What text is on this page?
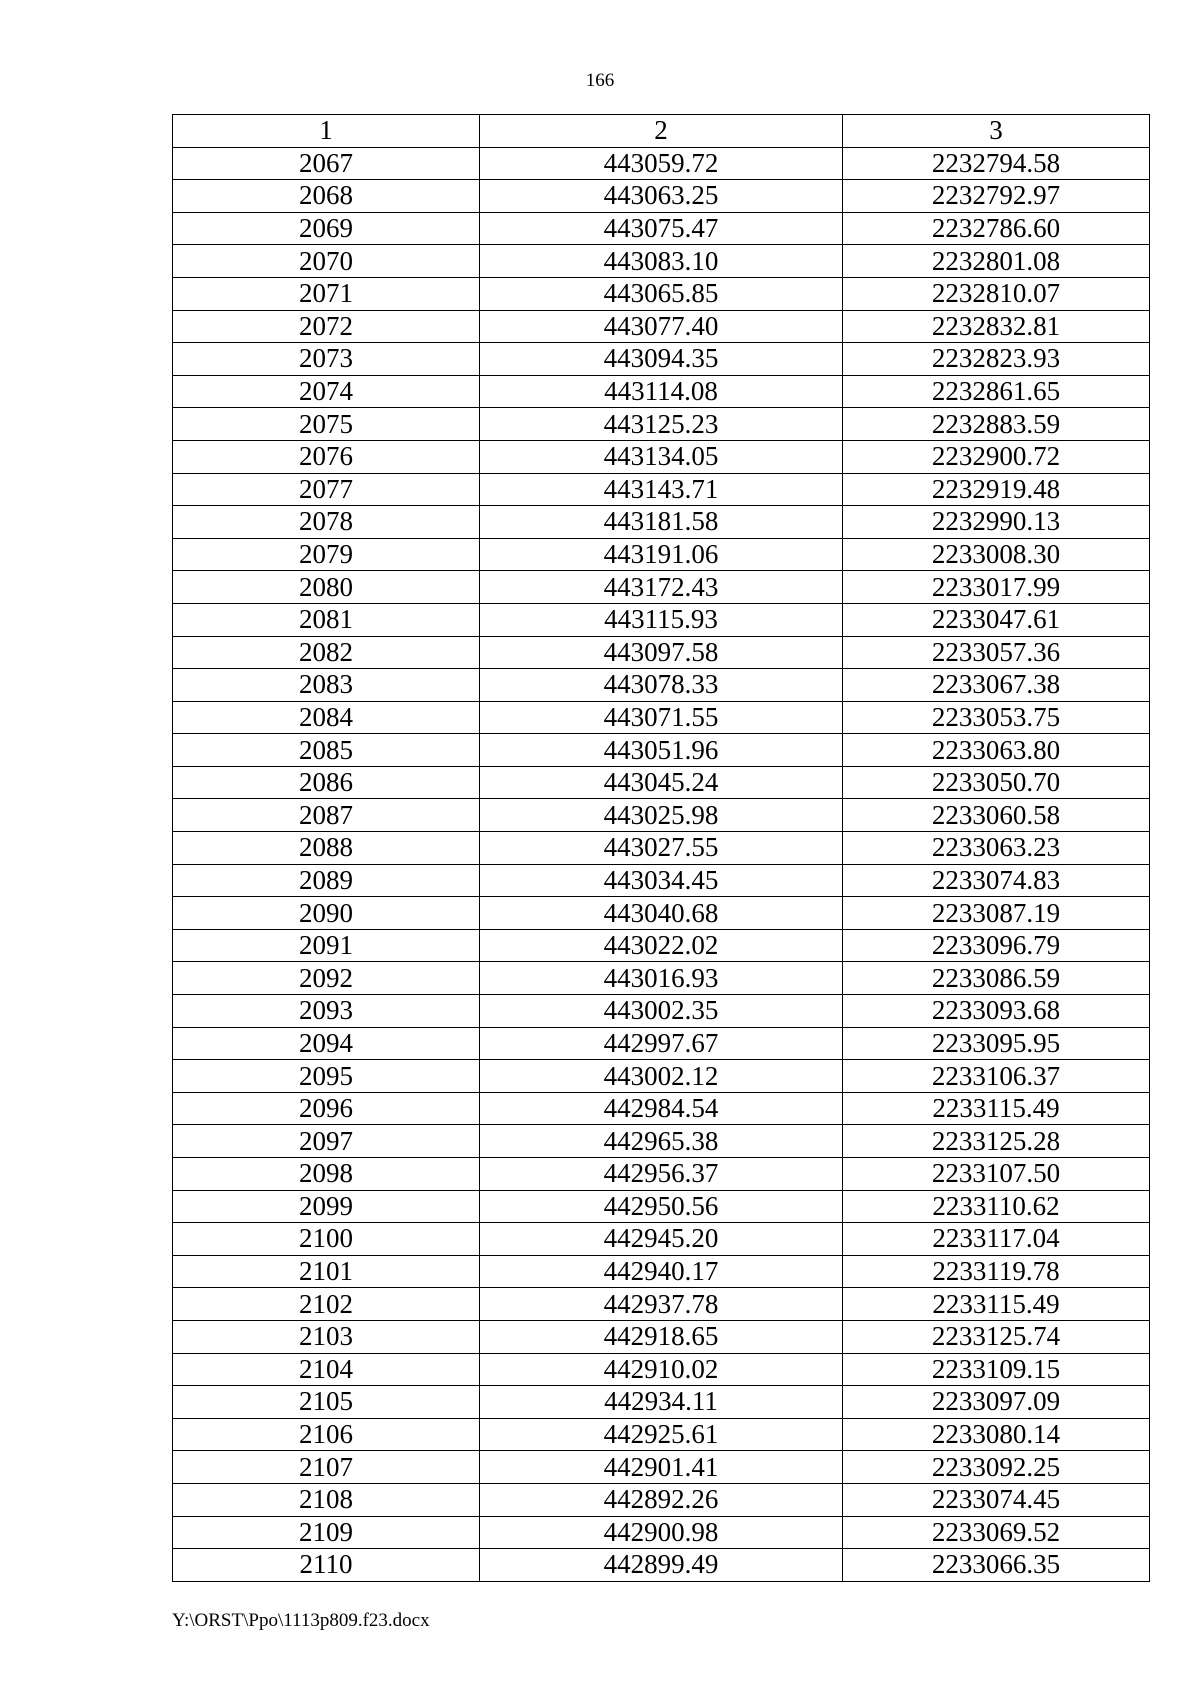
166
1	2	3
2067	443059.72	2232794.58
2068	443063.25	2232792.97
2069	443075.47	2232786.60
2070	443083.10	2232801.08
2071	443065.85	2232810.07
2072	443077.40	2232832.81
2073	443094.35	2232823.93
2074	443114.08	2232861.65
2075	443125.23	2232883.59
2076	443134.05	2232900.72
2077	443143.71	2232919.48
2078	443181.58	2232990.13
2079	443191.06	2233008.30
2080	443172.43	2233017.99
2081	443115.93	2233047.61
2082	443097.58	2233057.36
2083	443078.33	2233067.38
2084	443071.55	2233053.75
2085	443051.96	2233063.80
2086	443045.24	2233050.70
2087	443025.98	2233060.58
2088	443027.55	2233063.23
2089	443034.45	2233074.83
2090	443040.68	2233087.19
2091	443022.02	2233096.79
2092	443016.93	2233086.59
2093	443002.35	2233093.68
2094	442997.67	2233095.95
2095	443002.12	2233106.37
2096	442984.54	2233115.49
2097	442965.38	2233125.28
2098	442956.37	2233107.50
2099	442950.56	2233110.62
2100	442945.20	2233117.04
2101	442940.17	2233119.78
2102	442937.78	2233115.49
2103	442918.65	2233125.74
2104	442910.02	2233109.15
2105	442934.11	2233097.09
2106	442925.61	2233080.14
2107	442901.41	2233092.25
2108	442892.26	2233074.45
2109	442900.98	2233069.52
2110	442899.49	2233066.35
Y:\ORST\Ppo\1113p809.f23.docx
